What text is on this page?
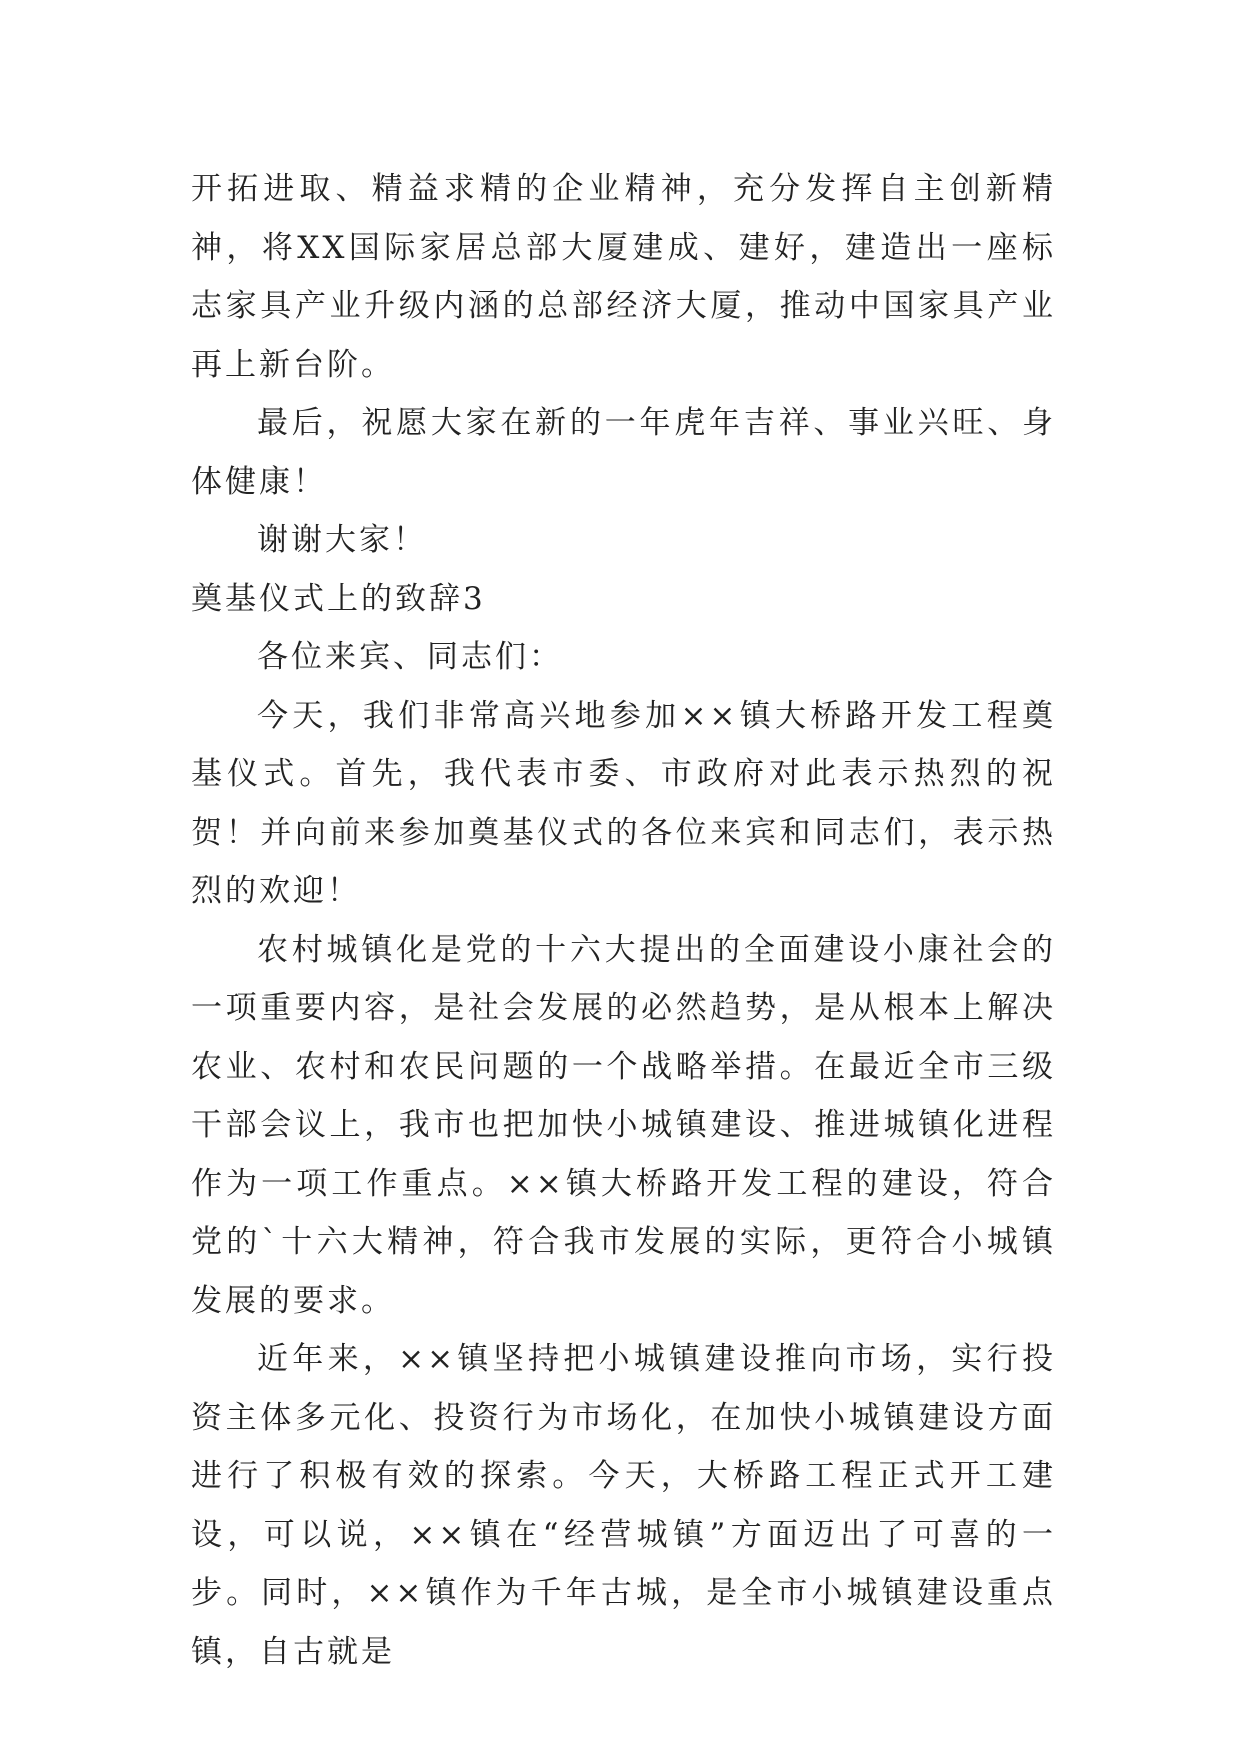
开拓进取、精益求精的企业精神，充分发挥自主创新精神，将XX国际家居总部大厦建成、建好，建造出一座标志家具产业升级内涵的总部经济大厦，推动中国家具产业再上新台阶。

最后，祝愿大家在新的一年虎年吉祥、事业兴旺、身体健康！

谢谢大家！

奠基仪式上的致辞3

各位来宾、同志们：

今天，我们非常高兴地参加××镇大桥路开发工程奠基仪式。首先，我代表市委、市政府对此表示热烈的祝贺！并向前来参加奠基仪式的各位来宾和同志们，表示热烈的欢迎！

农村城镇化是党的十六大提出的全面建设小康社会的一项重要内容，是社会发展的必然趋势，是从根本上解决农业、农村和农民问题的一个战略举措。在最近全市三级干部会议上，我市也把加快小城镇建设、推进城镇化进程作为一项工作重点。××镇大桥路开发工程的建设，符合党的`十六大精神，符合我市发展的实际，更符合小城镇发展的要求。

近年来，××镇坚持把小城镇建设推向市场，实行投资主体多元化、投资行为市场化，在加快小城镇建设方面进行了积极有效的探索。今天，大桥路工程正式开工建设，可以说，××镇在“经营城镇”方面迈出了可喜的一步。同时，××镇作为千年古城，是全市小城镇建设重点镇，自古就是
